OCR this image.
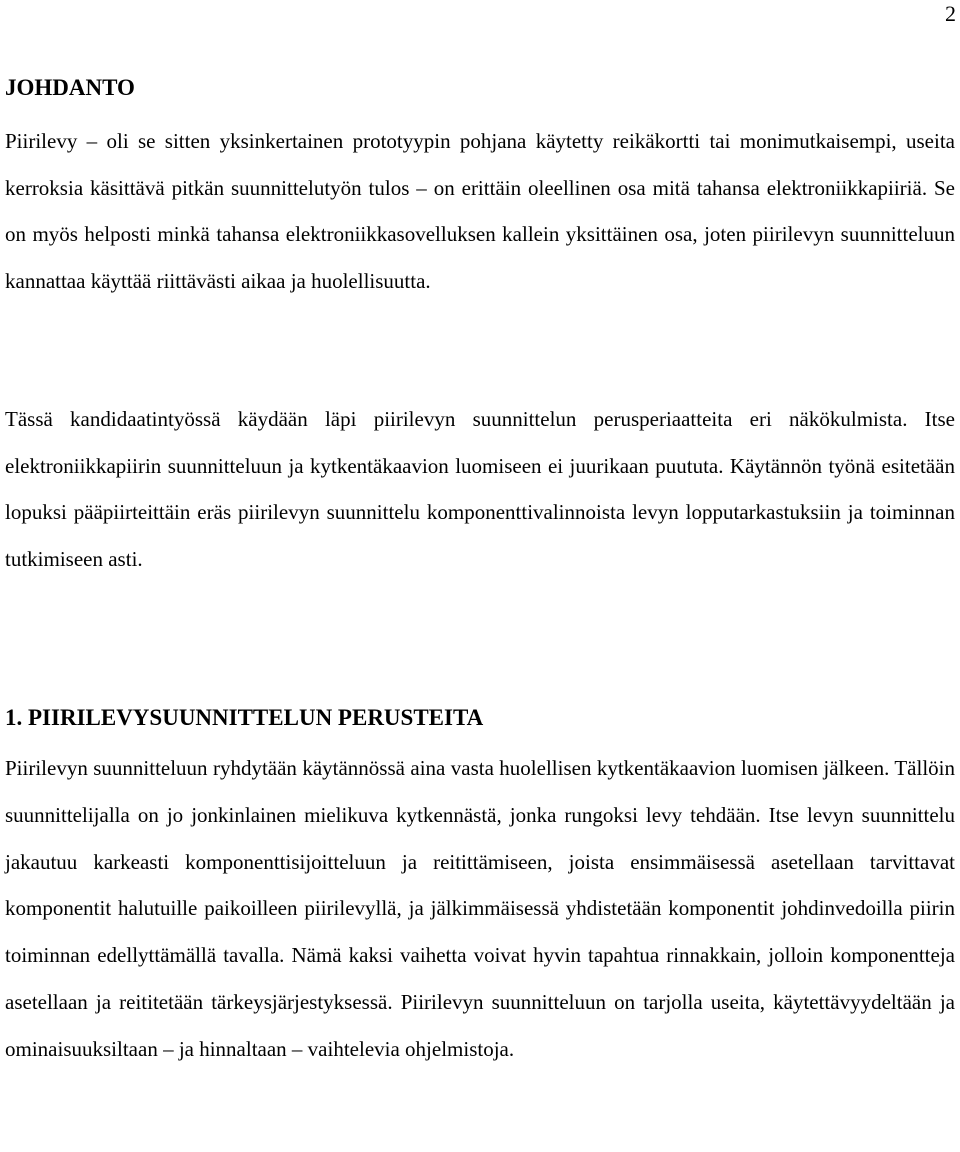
2
JOHDANTO

Piirilevy – oli se sitten yksinkertainen prototyypin pohjana käytetty reikäkortti tai monimutkaisempi, useita kerroksia käsittävä pitkän suunnittelutyön tulos – on erittäin oleellinen osa mitä tahansa elektroniikkapiiriä. Se on myös helposti minkä tahansa elektroniikkasovelluksen kallein yksittäinen osa, joten piirilevyn suunnitteluun kannattaa käyttää riittävästi aikaa ja huolellisuutta.

Tässä kandidaatintyössä käydään läpi piirilevyn suunnittelun perusperiaatteita eri näkökulmista. Itse elektroniikkapiirin suunnitteluun ja kytkentäkaavion luomiseen ei juurikaan puututa. Käytännön työnä esitetään lopuksi pääpiirteittäin eräs piirilevyn suunnittelu komponenttivalinnoista levyn lopputarkastuksiin ja toiminnan tutkimiseen asti.

1. PIIRILEVYSUUNNITTELUN PERUSTEITA

Piirilevyn suunnitteluun ryhdytään käytännössä aina vasta huolellisen kytkentäkaavion luomisen jälkeen. Tällöin suunnittelijalla on jo jonkinlainen mielikuva kytkennästä, jonka rungoksi levy tehdään. Itse levyn suunnittelu jakautuu karkeasti komponenttisijoitteluun ja reitittämiseen, joista ensimmäisessä asetellaan tarvittavat komponentit halutuille paikoilleen piirilevyllä, ja jälkimmäisessä yhdistetään komponentit johdinvedoilla piirin toiminnan edellyttämällä tavalla. Nämä kaksi vaihetta voivat hyvin tapahtua rinnakkain, jolloin komponentteja asetellaan ja reititetään tärkeysjärjestyksessä. Piirilevyn suunnitteluun on tarjolla useita, käytettävyydeltään ja ominaisuuksiltaan – ja hinnaltaan – vaihtelevia ohjelmistoja.
